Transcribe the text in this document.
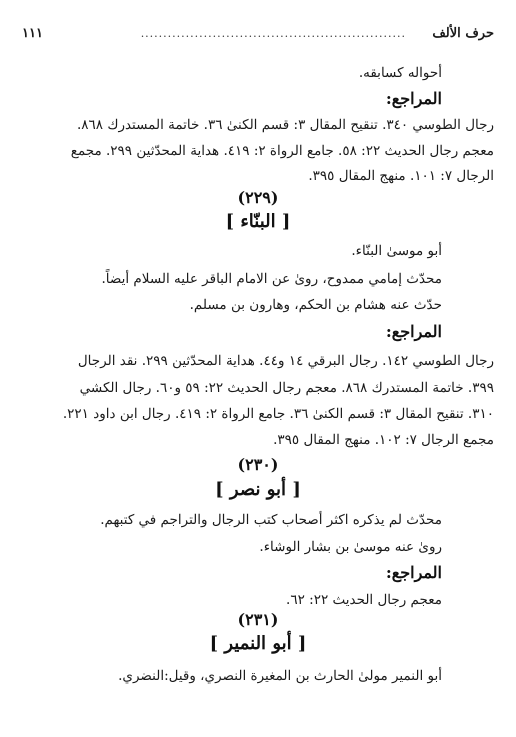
حرف الألف
...........................................................
١١١
أحواله كسابقه.
المراجع:
رجال الطوسي ٣٤٠. تنقيح المقال ٣: قسم الكنىٰ ٣٦. خاتمة المستدرك ٨٦٨.
معجم رجال الحديث ٢٢: ٥٨. جامع الرواة ٢: ٤١٩. هداية المحدّثين ٢٩٩. مجمع
الرجال ٧: ١٠١. منهج المقال ٣٩٥.
(٢٢٩)
[ البنّاء ]
أبو موسىٰ البنّاء.
محدّث إمامي ممدوح، روىٰ عن الامام الباقر عليه السلام أيضاً.
حدّث عنه هشام بن الحكم، وهارون بن مسلم.
المراجع:
رجال الطوسي ١٤٢. رجال البرقي ١٤ و٤٤. هداية المحدّثين ٢٩٩. نقد الرجال
٣٩٩. خاتمة المستدرك ٨٦٨. معجم رجال الحديث ٢٢: ٥٩ و٦٠. رجال الكشي
٣١٠. تنقيح المقال ٣: قسم الكنىٰ ٣٦. جامع الرواة ٢: ٤١٩. رجال ابن داود ٢٢١.
مجمع الرجال ٧: ١٠٢. منهج المقال ٣٩٥.
(٢٣٠)
[ أبو نصر ]
محدّث لم يذكره اكثر أصحاب كتب الرجال والتراجم في كتبهم.
روىٰ عنه موسىٰ بن بشار الوشاء.
المراجع:
معجم رجال الحديث ٢٢: ٦٢.
(٢٣١)
[ أبو النمير ]
أبو النمير مولىٰ الحارث بن المغيرة النصري، وقيل:النضري.
